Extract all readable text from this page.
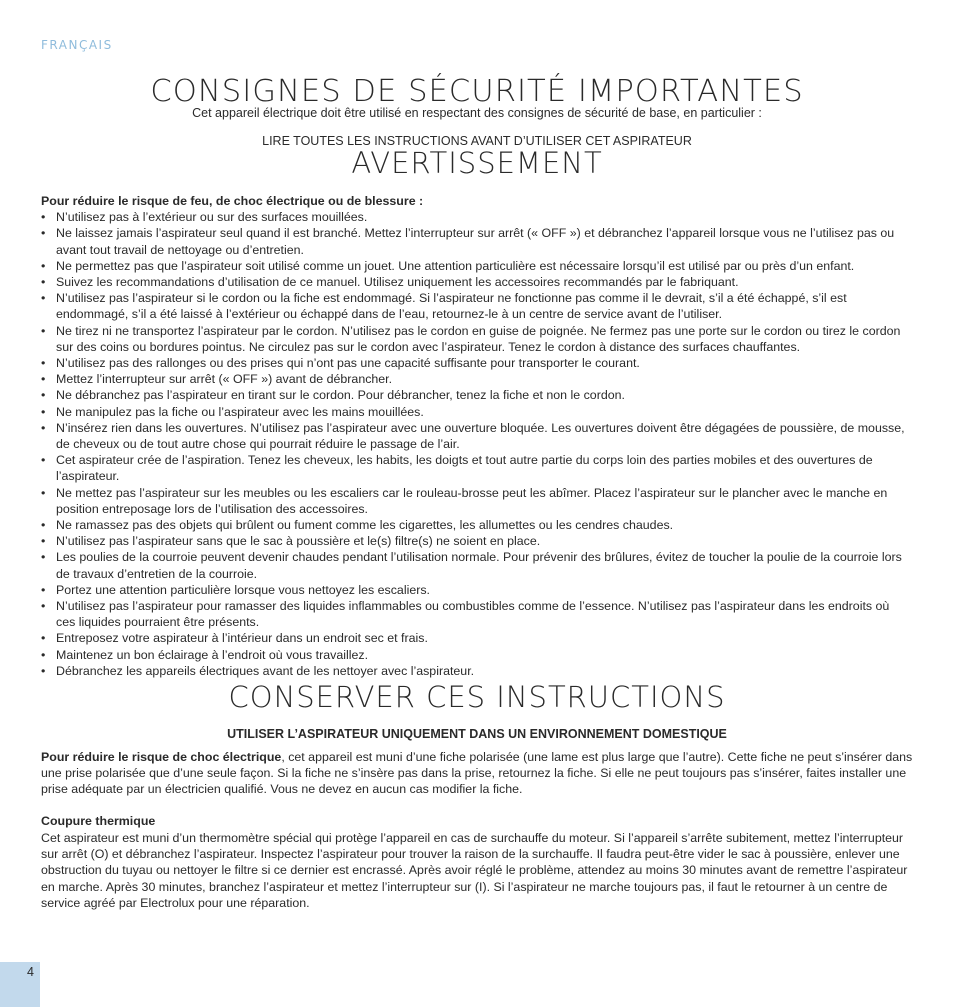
FRANÇAIS
CONSIGNES DE SÉCURITÉ IMPORTANTES
Cet appareil électrique doit être utilisé en respectant des consignes de sécurité de base, en particulier :
LIRE TOUTES LES INSTRUCTIONS AVANT D’UTILISER CET ASPIRATEUR
AVERTISSEMENT

Pour réduire le risque de feu, de choc électrique ou de blessure :

• N’utilisez pas à l’extérieur ou sur des surfaces mouillées.
• Ne laissez jamais l’aspirateur seul quand il est branché. Mettez l’interrupteur sur arrêt (« OFF ») et débranchez l’appareil lorsque vous ne l’utilisez pas ou avant tout travail de nettoyage ou d’entretien.
• Ne permettez pas que l’aspirateur soit utilisé comme un jouet. Une attention particulière est nécessaire lorsqu’il est utilisé par ou près d’un enfant.
• Suivez les recommandations d’utilisation de ce manuel. Utilisez uniquement les accessoires recommandés par le fabriquant.
• N’utilisez pas l’aspirateur si le cordon ou la fiche est endommagé. Si l’aspirateur ne fonctionne pas comme il le devrait, s’il a été échappé, s’il est endommagé, s’il a été laissé à l’extérieur ou échappé dans de l’eau, retournez-le à un centre de service avant de l’utiliser.
• Ne tirez ni ne transportez l’aspirateur par le cordon. N’utilisez pas le cordon en guise de poignée. Ne fermez pas une porte sur le cordon ou tirez le cordon sur des coins ou bordures pointus. Ne circulez pas sur le cordon avec l’aspirateur. Tenez le cordon à distance des surfaces chauffantes.
• N’utilisez pas des rallonges ou des prises qui n’ont pas une capacité suffisante pour transporter le courant.
• Mettez l’interrupteur sur arrêt (« OFF ») avant de débrancher.
• Ne débranchez pas l’aspirateur en tirant sur le cordon. Pour débrancher, tenez la fiche et non le cordon.
• Ne manipulez pas la fiche ou l’aspirateur avec les mains mouillées.
• N’insérez rien dans les ouvertures. N’utilisez pas l’aspirateur avec une ouverture bloquée. Les ouvertures doivent être dégagées de poussière, de mousse, de cheveux ou de tout autre chose qui pourrait réduire le passage de l’air.
• Cet aspirateur crée de l’aspiration. Tenez les cheveux, les habits, les doigts et tout autre partie du corps loin des parties mobiles et des ouvertures de l’aspirateur.
• Ne mettez pas l’aspirateur sur les meubles ou les escaliers car le rouleau-brosse peut les abîmer. Placez l’aspirateur sur le plancher avec le manche en position entreposage lors de l’utilisation des accessoires.
• Ne ramassez pas des objets qui brûlent ou fument comme les cigarettes, les allumettes ou les cendres chaudes.
• N’utilisez pas l’aspirateur sans que le sac à poussière et le(s) filtre(s) ne soient en place.
• Les poulies de la courroie peuvent devenir chaudes pendant l’utilisation normale. Pour prévenir des brûlures, évitez de toucher la poulie de la courroie lors de travaux d’entretien de la courroie.
• Portez une attention particulière lorsque vous nettoyez les escaliers.
• N’utilisez pas l’aspirateur pour ramasser des liquides inflammables ou combustibles comme de l’essence. N’utilisez pas l’aspirateur dans les endroits où ces liquides pourraient être présents.
• Entreposez votre aspirateur à l’intérieur dans un endroit sec et frais.
• Maintenez un bon éclairage à l’endroit où vous travaillez.
• Débranchez les appareils électriques avant de les nettoyer avec l’aspirateur.
CONSERVER CES INSTRUCTIONS
UTILISER L’ASPIRATEUR UNIQUEMENT DANS UN ENVIRONNEMENT DOMESTIQUE

Pour réduire le risque de choc électrique, cet appareil est muni d’une fiche polarisée (une lame est plus large que l’autre). Cette fiche ne peut s’insérer dans une prise polarisée que d’une seule façon. Si la fiche ne s’insère pas dans la prise, retournez la fiche. Si elle ne peut toujours pas s’insérer, faites installer une prise adéquate par un électricien qualifié. Vous ne devez en aucun cas modifier la fiche.

Coupure thermique

Cet aspirateur est muni d’un thermomètre spécial qui protège l’appareil en cas de surchauffe du moteur. Si l’appareil s’arrête subitement, mettez l’interrupteur sur arrêt (O) et débranchez l’aspirateur. Inspectez l’aspirateur pour trouver la raison de la surchauffe. Il faudra peut-être vider le sac à poussière, enlever une obstruction du tuyau ou nettoyer le filtre si ce dernier est encrassé. Après avoir réglé le problème, attendez au moins 30 minutes avant de remettre l’aspirateur en marche. Après 30 minutes, branchez l’aspirateur et mettez l’interrupteur sur (I). Si l’aspirateur ne marche toujours pas, il faut le retourner à un centre de service agréé par Electrolux pour une réparation.

4
